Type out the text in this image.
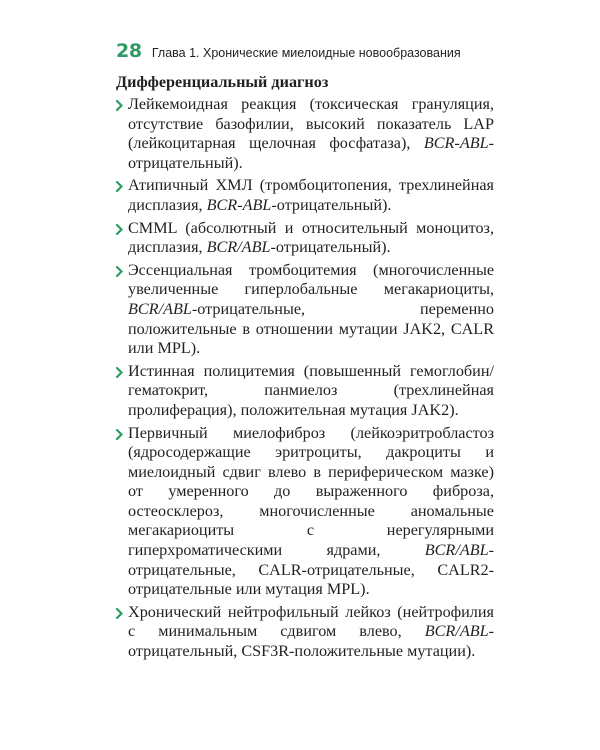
28 Глава 1. Хронические миелоидные новообразования
Дифференциальный диагноз
Лейкемоидная реакция (токсическая грануляция, отсутствие базофилии, высокий показатель LAP (лейкоцитарная щелочная фосфатаза), BCR-ABL-отрицательный).
Атипичный ХМЛ (тромбоцитопения, трехлинейная дисплазия, BCR-ABL-отрицательный).
CMML (абсолютный и относительный моноцитоз, дисплазия, BCR/ABL-отрицательный).
Эссенциальная тромбоцитемия (многочисленные увеличенные гиперлобальные мегакариоциты, BCR/ABL-отрицательные, переменно положительные в отношении мутации JAK2, CALR или MPL).
Истинная полицитемия (повышенный гемоглобин/гематокрит, панмиелоз (трехлинейная пролиферация), положительная мутация JAK2).
Первичный миелофиброз (лейкоэритробластоз (ядросодержащие эритроциты, дакроциты и миелоидный сдвиг влево в периферическом мазке) от умеренного до выраженного фиброза, остеосклероз, многочисленные аномальные мегакариоциты с нерегулярными гиперхроматическими ядрами, BCR/ABL-отрицательные, CALR-отрицательные, CALR2-отрицательные или мутация MPL).
Хронический нейтрофильный лейкоз (нейтрофилия с минимальным сдвигом влево, BCR/ABL-отрицательный, CSF3R-положительные мутации).
